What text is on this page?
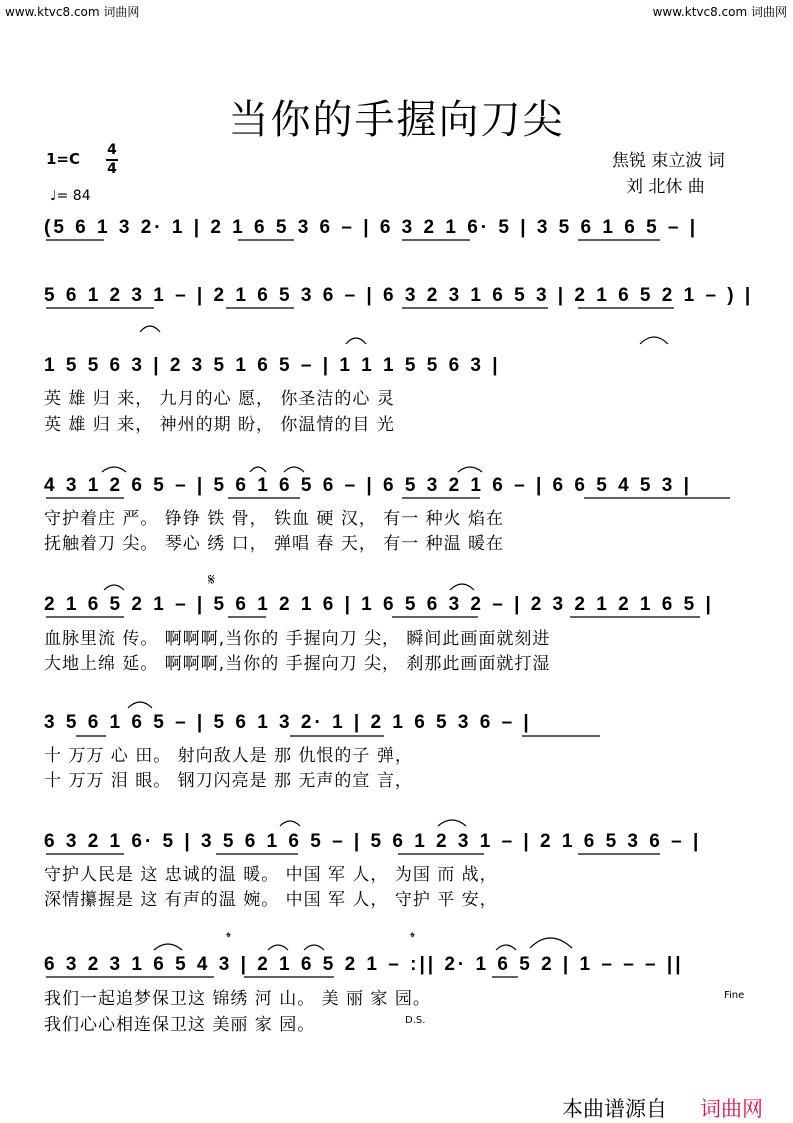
www.ktvc8.com 词曲网	www.ktvc8.com 词曲网
当你的手握向刀尖
1=C 4
4
♩= 84
焦锐 束立波 词
刘 北休 曲
(5 6 1 3 2· 1 | 2 1 6 5 3 6 – | 6 3 2 1 6· 5 | 3 5 6 1 6 5 – |
5 6 1 2 3 1 – | 2 1 6 5 3 6 – | 6 3 2 3 1 6 5 3 | 2 1 6 5 2 1 – ) |
1 5 5 6 3 | 2 3 5 1 6 5 – | 1 1 1 5 5 6 3 |
英 雄 归 来， 九月的心 愿， 你圣洁的心 灵
英 雄 归 来， 神州的期 盼， 你温情的目 光
4 3 1 2 6 5 – | 5 6 1 6 5 6 – | 6 5 3 2 1 6 – | 6 6 5 4 5 3 |
守护着庄 严。 铮铮 铁 骨， 铁血 硬 汉， 有一 种火 焰在
抚触着刀 尖。 琴心 绣 口， 弹唱 春 天， 有一 种温 暖在
2 1 6 5 2 1 – | 5 6 1 2 1 6 | 1 6 5 6 3 2 – | 2 3 2 1 2 1 6 5 |
血脉里流 传。 啊啊啊,当你的 手握向刀 尖， 瞬间此画面就刻进
大地上绵 延。 啊啊啊,当你的 手握向刀 尖， 刹那此画面就打湿
3 5 6 1 6 5 – | 5 6 1 3 2· 1 | 2 1 6 5 3 6 – |
十 万万 心 田。 射向敌人是 那 仇恨的子 弹，
十 万万 泪 眼。 钢刀闪亮是 那 无声的宣 言，
6 3 2 1 6· 5 | 3 5 6 1 6 5 – | 5 6 1 2 3 1 – | 2 1 6 5 3 6 – |
守护人民是 这 忠诚的温 暖。 中国 军 人， 为国 而 战，
深情攥握是 这 有声的温 婉。 中国 军 人， 守护 平 安，
6 3 2 3 1 6 5 4 3 | 2 1 6 5 2 1 – :|| 2· 1 6 5 2 | 1 – – – ||
我们一起追梦保卫这 锦绣 河 山。 美 丽 家 园。
我们心心相连保卫这 美丽 家 园。
𝄋
𝄌	𝄌
Fine
D.S.
本曲谱源自 词曲网
